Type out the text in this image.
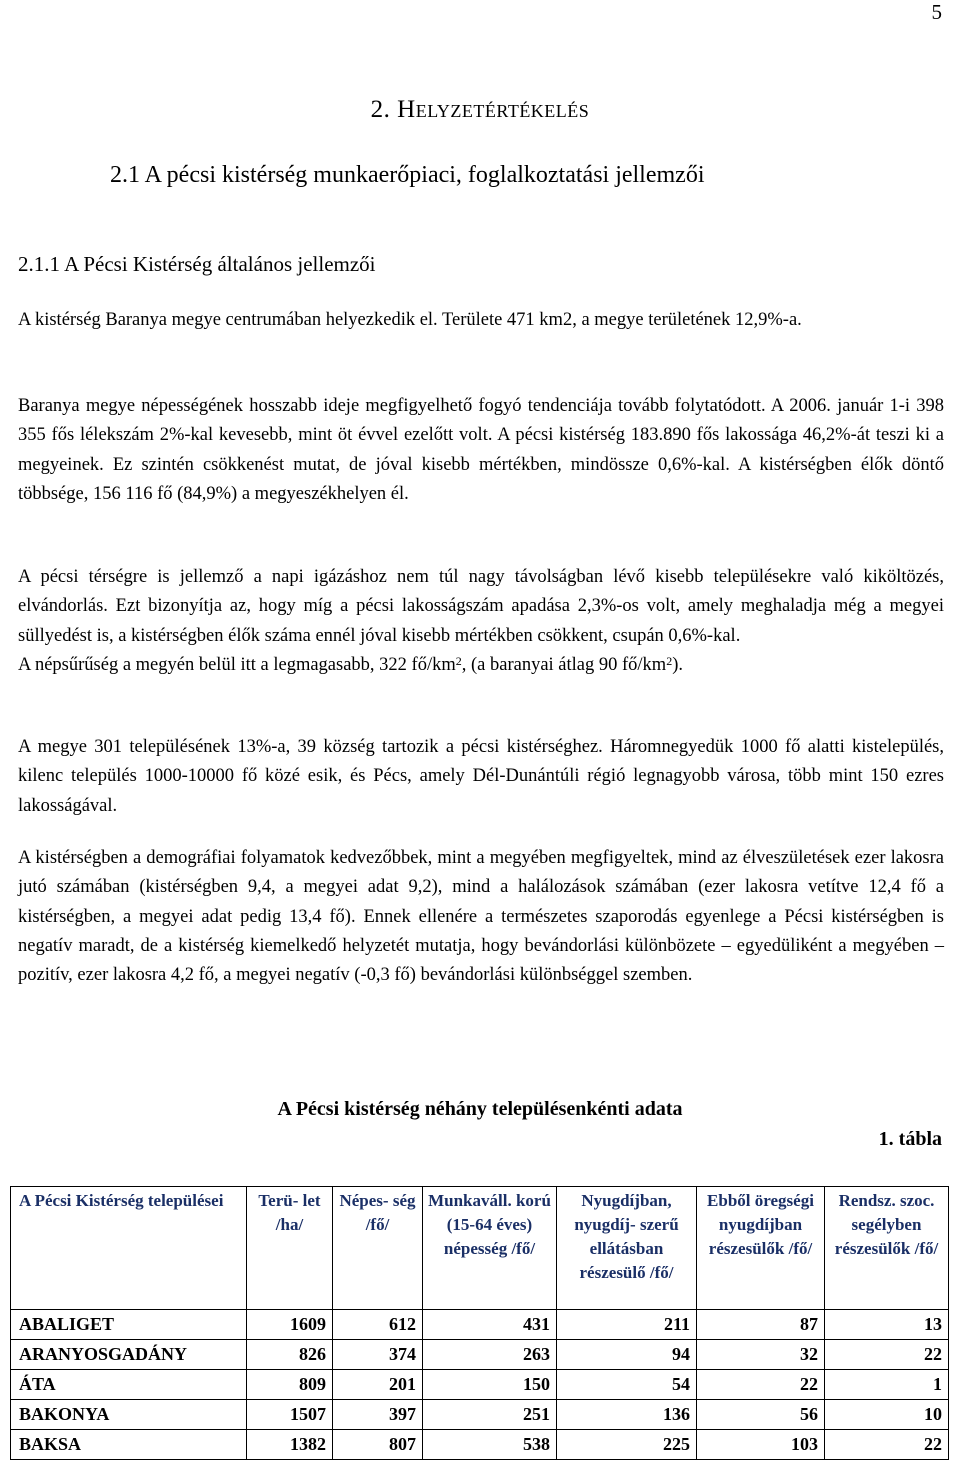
5
2. Helyzetértékelés
2.1 A pécsi kistérség munkaerőpiaci, foglalkoztatási jellemzői
2.1.1 A Pécsi Kistérség általános jellemzői

A kistérség Baranya megye centrumában helyezkedik el. Területe 471 km2, a megye területének 12,9%-a.

Baranya megye népességének hosszabb ideje megfigyelhető fogyó tendenciája tovább folytatódott. A 2006. január 1-i 398 355 fős lélekszám 2%-kal kevesebb, mint öt évvel ezelőtt volt. A pécsi kistérség 183.890 fős lakossága 46,2%-át teszi ki a megyeinek. Ez szintén csökkenést mutat, de jóval kisebb mértékben, mindössze 0,6%-kal. A kistérségben élők döntő többsége, 156 116 fő (84,9%) a megyeszékhelyen él.

A pécsi térségre is jellemző a napi igázáshoz nem túl nagy távolságban lévő kisebb településekre való kiköltözés, elvándorlás. Ezt bizonyítja az, hogy míg a pécsi lakosságszám apadása 2,3%-os volt, amely meghaladja még a megyei süllyedést is, a kistérségben élők száma ennél jóval kisebb mértékben csökkent, csupán 0,6%-kal.
A népsűrűség a megyén belül itt a legmagasabb, 322 $fő/km^2$, (a baranyai átlag 90 $fő/km^2$).

A megye 301 településének 13%-a, 39 község tartozik a pécsi kistérséghez. Háromnegyedük 1000 fő alatti kistelepülés, kilenc település 1000-10000 fő közé esik, és Pécs, amely Dél-Dunántúli régió legnagyobb városa, több mint 150 ezres lakosságával.

A kistérségben a demográfiai folyamatok kedvezőbbek, mint a megyében megfigyeltek, mind az élveszületések ezer lakosra jutó számában (kistérségben 9,4, a megyei adat 9,2), mind a halálozások számában (ezer lakosra vetítve 12,4 fő a kistérségben, a megyei adat pedig 13,4 fő). Ennek ellenére a természetes szaporodás egyenlege a Pécsi kistérségben is negatív maradt, de a kistérség kiemelkedő helyzetét mutatja, hogy bevándorlási különbözete – egyedüliként a megyében – pozitív, ezer lakosra 4,2 fő, a megyei negatív (-0,3 fő) bevándorlási különbséggel szemben.

A Pécsi kistérség néhány településenkénti adata
1. tábla
A Pécsi Kistérség települései	Terü- let /ha/	Népes- ség /fő/	Munkaváll. korú (15-64 éves) népesség /fő/	Nyugdíjban, nyugdíj- szerű ellátásban részesülő /fő/	Ebből öregségi nyugdíjban részesülők /fő/	Rendsz. szoc. segélyben részesülők /fő/
ABALIGET	1609	612	431	211	87	13
ARANYOSGADÁNY	826	374	263	94	32	22
ÁTA	809	201	150	54	22	1
BAKONYA	1507	397	251	136	56	10
BAKSA	1382	807	538	225	103	22
